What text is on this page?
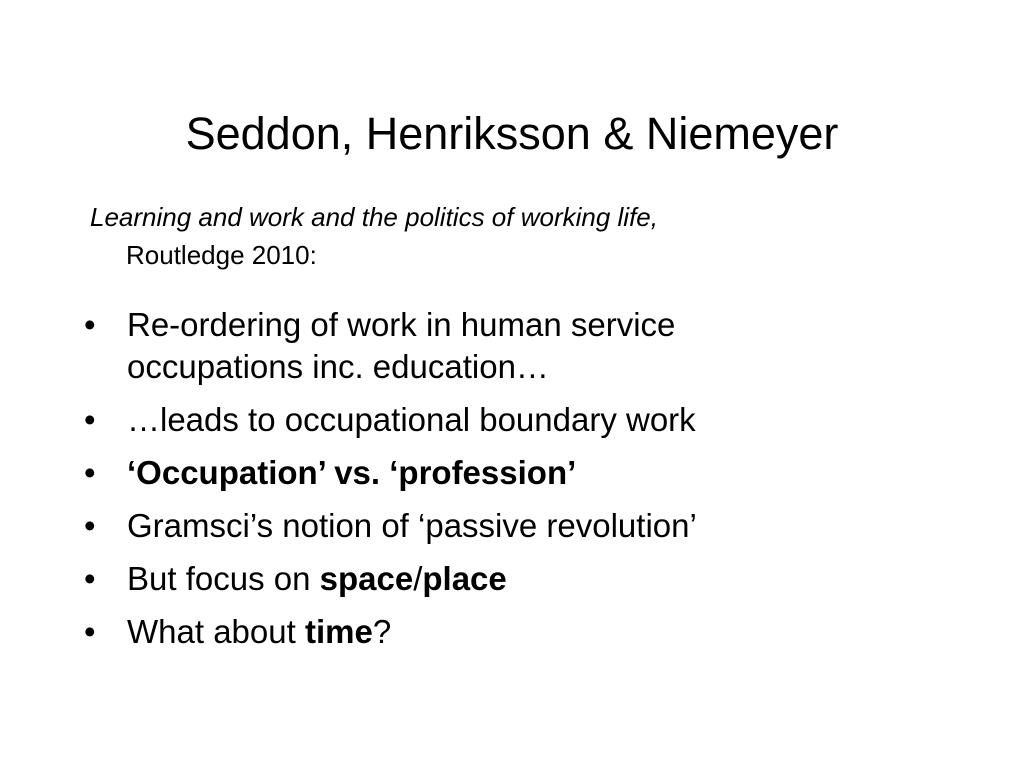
Seddon, Henriksson & Niemeyer
Learning and work and the politics of working life,
Routledge 2010:
• Re-ordering of work in human service
occupations inc. education…
• …leads to occupational boundary work
• ‘Occupation’ vs. ‘profession’
• Gramsci’s notion of ‘passive revolution’
• But focus on space/place
• What about time?
